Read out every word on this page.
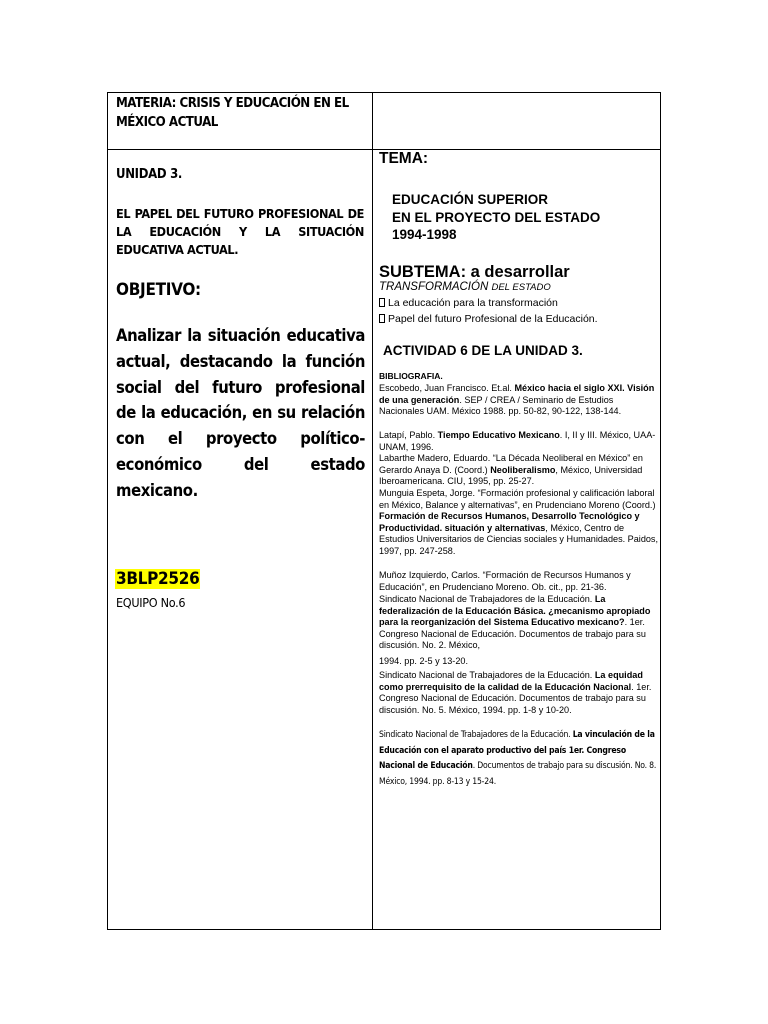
MATERIA: CRISIS Y EDUCACIÓN EN EL MÉXICO ACTUAL
UNIDAD 3.
EL PAPEL DEL FUTURO PROFESIONAL DE LA EDUCACIÓN Y LA SITUACIÓN EDUCATIVA ACTUAL.
OBJETIVO:
Analizar la situación educativa actual, destacando la función social del futuro profesional de la educación, en su relación con el proyecto político-económico del estado mexicano.
3BLP2526
EQUIPO No.6
TEMA:
EDUCACIÓN SUPERIOR
EN EL PROYECTO DEL ESTADO
1994-1998
SUBTEMA: a desarrollar
TRANSFORMACIÓN DEL ESTADO
La educación para la transformación
Papel del futuro Profesional de la Educación.
ACTIVIDAD 6 DE LA UNIDAD 3.
BIBLIOGRAFIA.
Escobedo, Juan Francisco. Et.al. México hacia el siglo XXI. Visión de una generación. SEP / CREA / Seminario de Estudios Nacionales UAM. México 1988. pp. 50-82, 90-122, 138-144.
Latapí, Pablo. Tiempo Educativo Mexicano. I, II y III. México, UAA-UNAM, 1996.
Labarthe Madero, Eduardo. “La Década Neoliberal en México” en Gerardo Anaya D. (Coord.) Neoliberalismo, México, Universidad Iberoamericana. CIU, 1995, pp. 25-27.
Munguia Espeta, Jorge. “Formación profesional y calificación laboral en México, Balance y alternativas”, en Prudenciano Moreno (Coord.) Formación de Recursos Humanos, Desarrollo Tecnológico y Productividad. situación y alternativas, México, Centro de Estudios Universitarios de Ciencias sociales y Humanidades. Paidos, 1997, pp. 247-258.
Muñoz Izquierdo, Carlos. “Formación de Recursos Humanos y Educación”, en Prudenciano Moreno. Ob. cit., pp. 21-36.
Sindicato Nacional de Trabajadores de la Educación. La federalización de la Educación Básica. ¿mecanismo apropiado para la reorganización del Sistema Educativo mexicano?. 1er. Congreso Nacional de Educación. Documentos de trabajo para su discusión. No. 2. México,
1994. pp. 2-5 y 13-20.
Sindicato Nacional de Trabajadores de la Educación. La equidad como prerrequisito de la calidad de la Educación Nacional. 1er. Congreso Nacional de Educación. Documentos de trabajo para su discusión. No. 5. México, 1994. pp. 1-8 y 10-20.
Sindicato Nacional de Trabajadores de la Educación. La vinculación de la Educación con el aparato productivo del país 1er. Congreso Nacional de Educación. Documentos de trabajo para su discusión. No. 8. México, 1994. pp. 8-13 y 15-24.
